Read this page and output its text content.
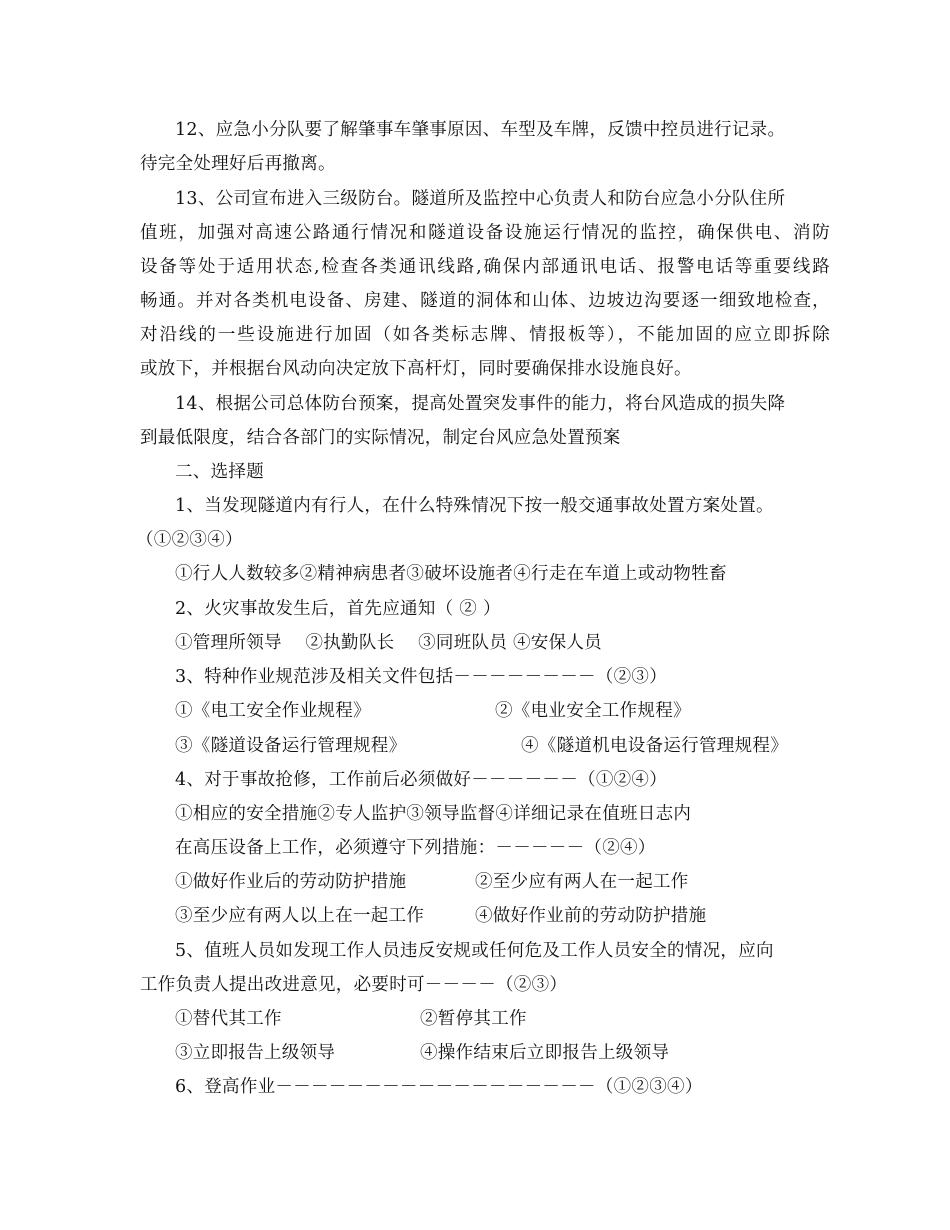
12、应急小分队要了解肇事车肇事原因、车型及车牌，反馈中控员进行记录。
待完全处理好后再撤离。
13、公司宣布进入三级防台。隧道所及监控中心负责人和防台应急小分队住所
值班，加强对高速公路通行情况和隧道设备设施运行情况的监控，确保供电、消防
设备等处于适用状态,检查各类通讯线路,确保内部通讯电话、报警电话等重要线路
畅通。并对各类机电设备、房建、隧道的洞体和山体、边坡边沟要逐一细致地检查，
对沿线的一些设施进行加固（如各类标志牌、情报板等），不能加固的应立即拆除
或放下，并根据台风动向决定放下高杆灯，同时要确保排水设施良好。
14、根据公司总体防台预案，提高处置突发事件的能力，将台风造成的损失降
到最低限度，结合各部门的实际情况，制定台风应急处置预案
二、选择题
1、当发现隧道内有行人，在什么特殊情况下按一般交通事故处置方案处置。
（①②③④）
①行人人数较多②精神病患者③破坏设施者④行走在车道上或动物牲畜
2、火灾事故发生后，首先应通知（ ② ）
①管理所领导　 ②执勤队长　 ③同班队员 ④安保人员
3、特种作业规范涉及相关文件包括－－－－－－－－（②③）
①《电工安全作业规程》	②《电业安全工作规程》
③《隧道设备运行管理规程》	④《隧道机电设备运行管理规程》
4、对于事故抢修，工作前后必须做好－－－－－－（①②④）
①相应的安全措施②专人监护③领导监督④详细记录在值班日志内
在高压设备上工作，必须遵守下列措施：－－－－－（②④）
①做好作业后的劳动防护措施	②至少应有两人在一起工作
③至少应有两人以上在一起工作	④做好作业前的劳动防护措施
5、值班人员如发现工作人员违反安规或任何危及工作人员安全的情况，应向
工作负责人提出改进意见，必要时可－－－－（②③）
①替代其工作	②暂停其工作
③立即报告上级领导	④操作结束后立即报告上级领导
6、登高作业－－－－－－－－－－－－－－－－－－（①②③④）
